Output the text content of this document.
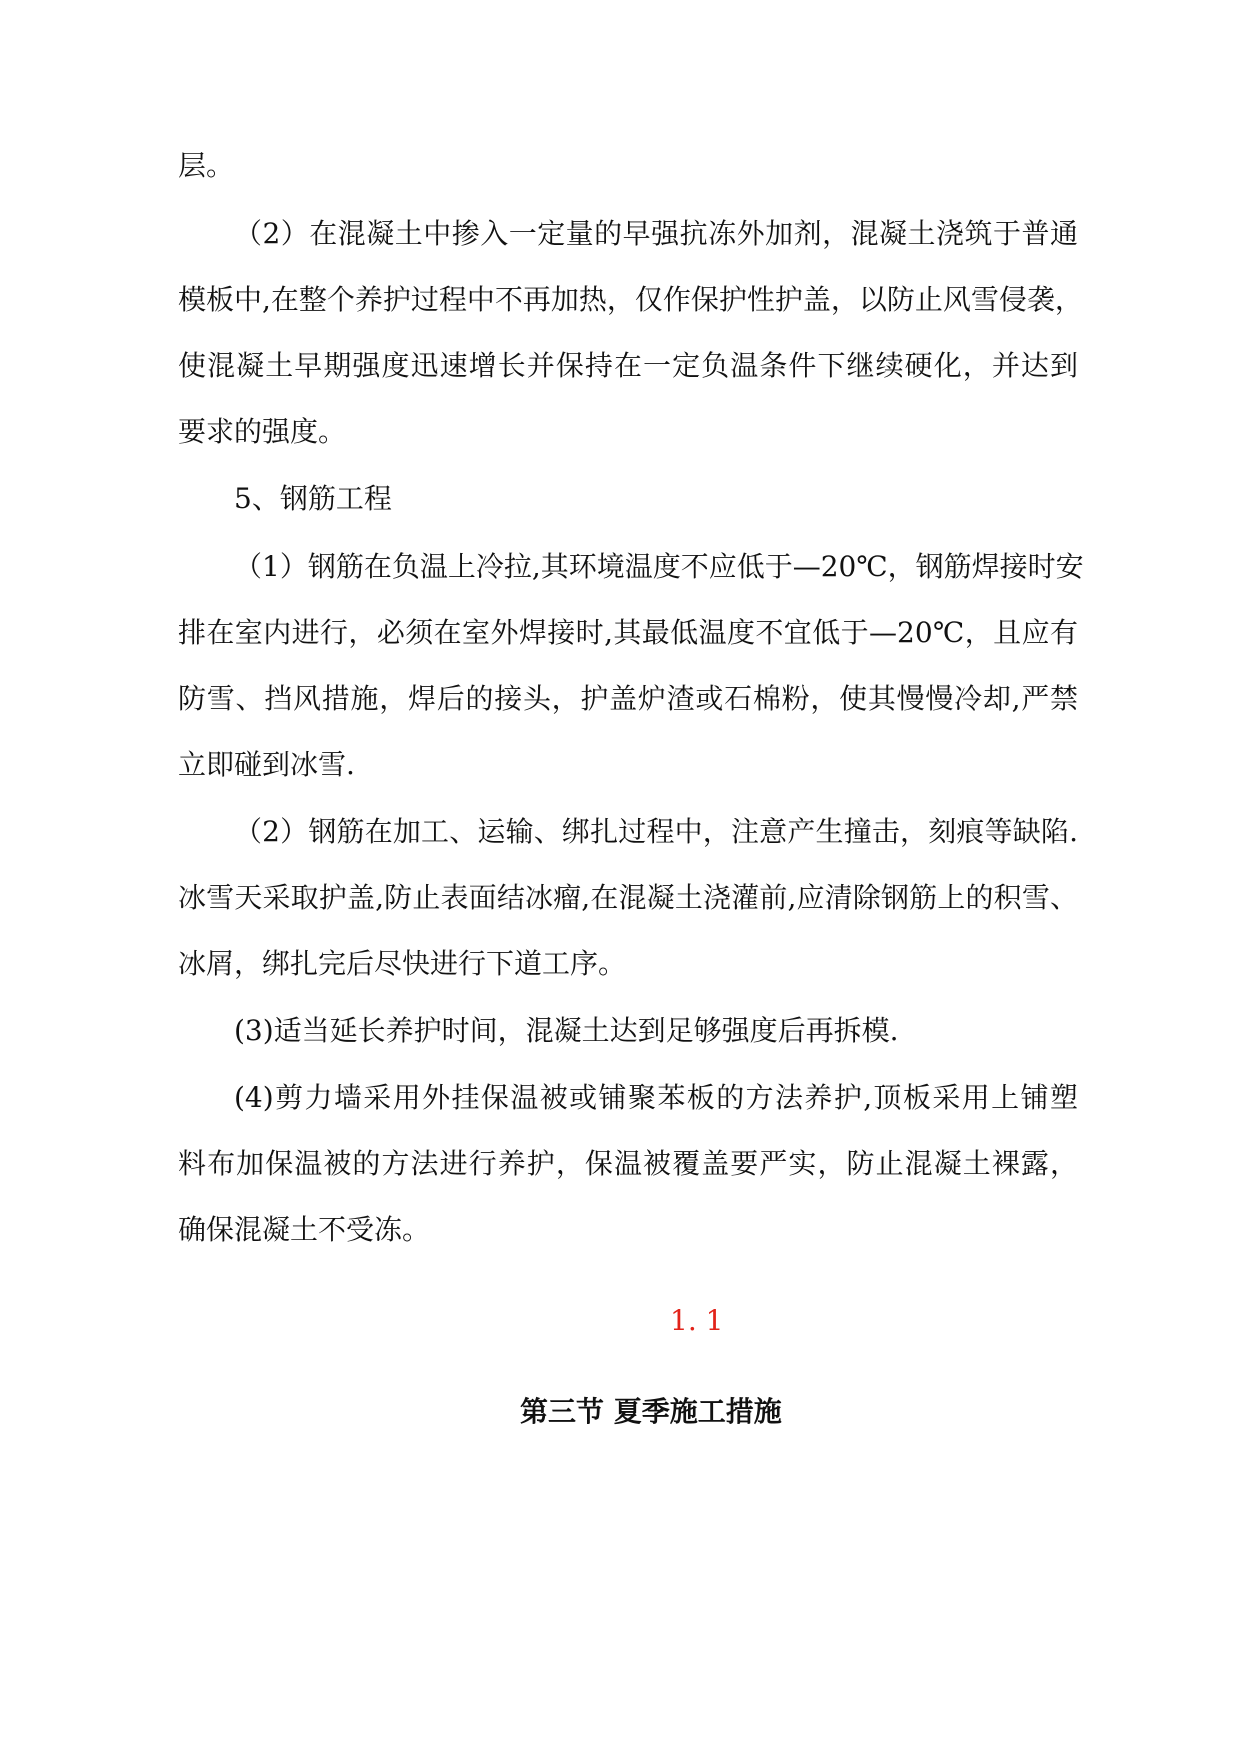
层。
（2）在混凝土中掺入一定量的早强抗冻外加剂，混凝土浇筑于普通
模板中,在整个养护过程中不再加热，仅作保护性护盖，以防止风雪侵袭，
使混凝土早期强度迅速增长并保持在一定负温条件下继续硬化，并达到
要求的强度。
5、钢筋工程
（1）钢筋在负温上冷拉,其环境温度不应低于—20℃，钢筋焊接时安
排在室内进行，必须在室外焊接时,其最低温度不宜低于—20℃，且应有
防雪、挡风措施，焊后的接头，护盖炉渣或石棉粉，使其慢慢冷却,严禁
立即碰到冰雪.
（2）钢筋在加工、运输、绑扎过程中，注意产生撞击，刻痕等缺陷.
冰雪天采取护盖,防止表面结冰瘤,在混凝土浇灌前,应清除钢筋上的积雪、
冰屑，绑扎完后尽快进行下道工序。
(3)适当延长养护时间，混凝土达到足够强度后再拆模.
(4)剪力墙采用外挂保温被或铺聚苯板的方法养护,顶板采用上铺塑
料布加保温被的方法进行养护，保温被覆盖要严实，防止混凝土裸露，
确保混凝土不受冻。
1. 1
第三节 夏季施工措施
